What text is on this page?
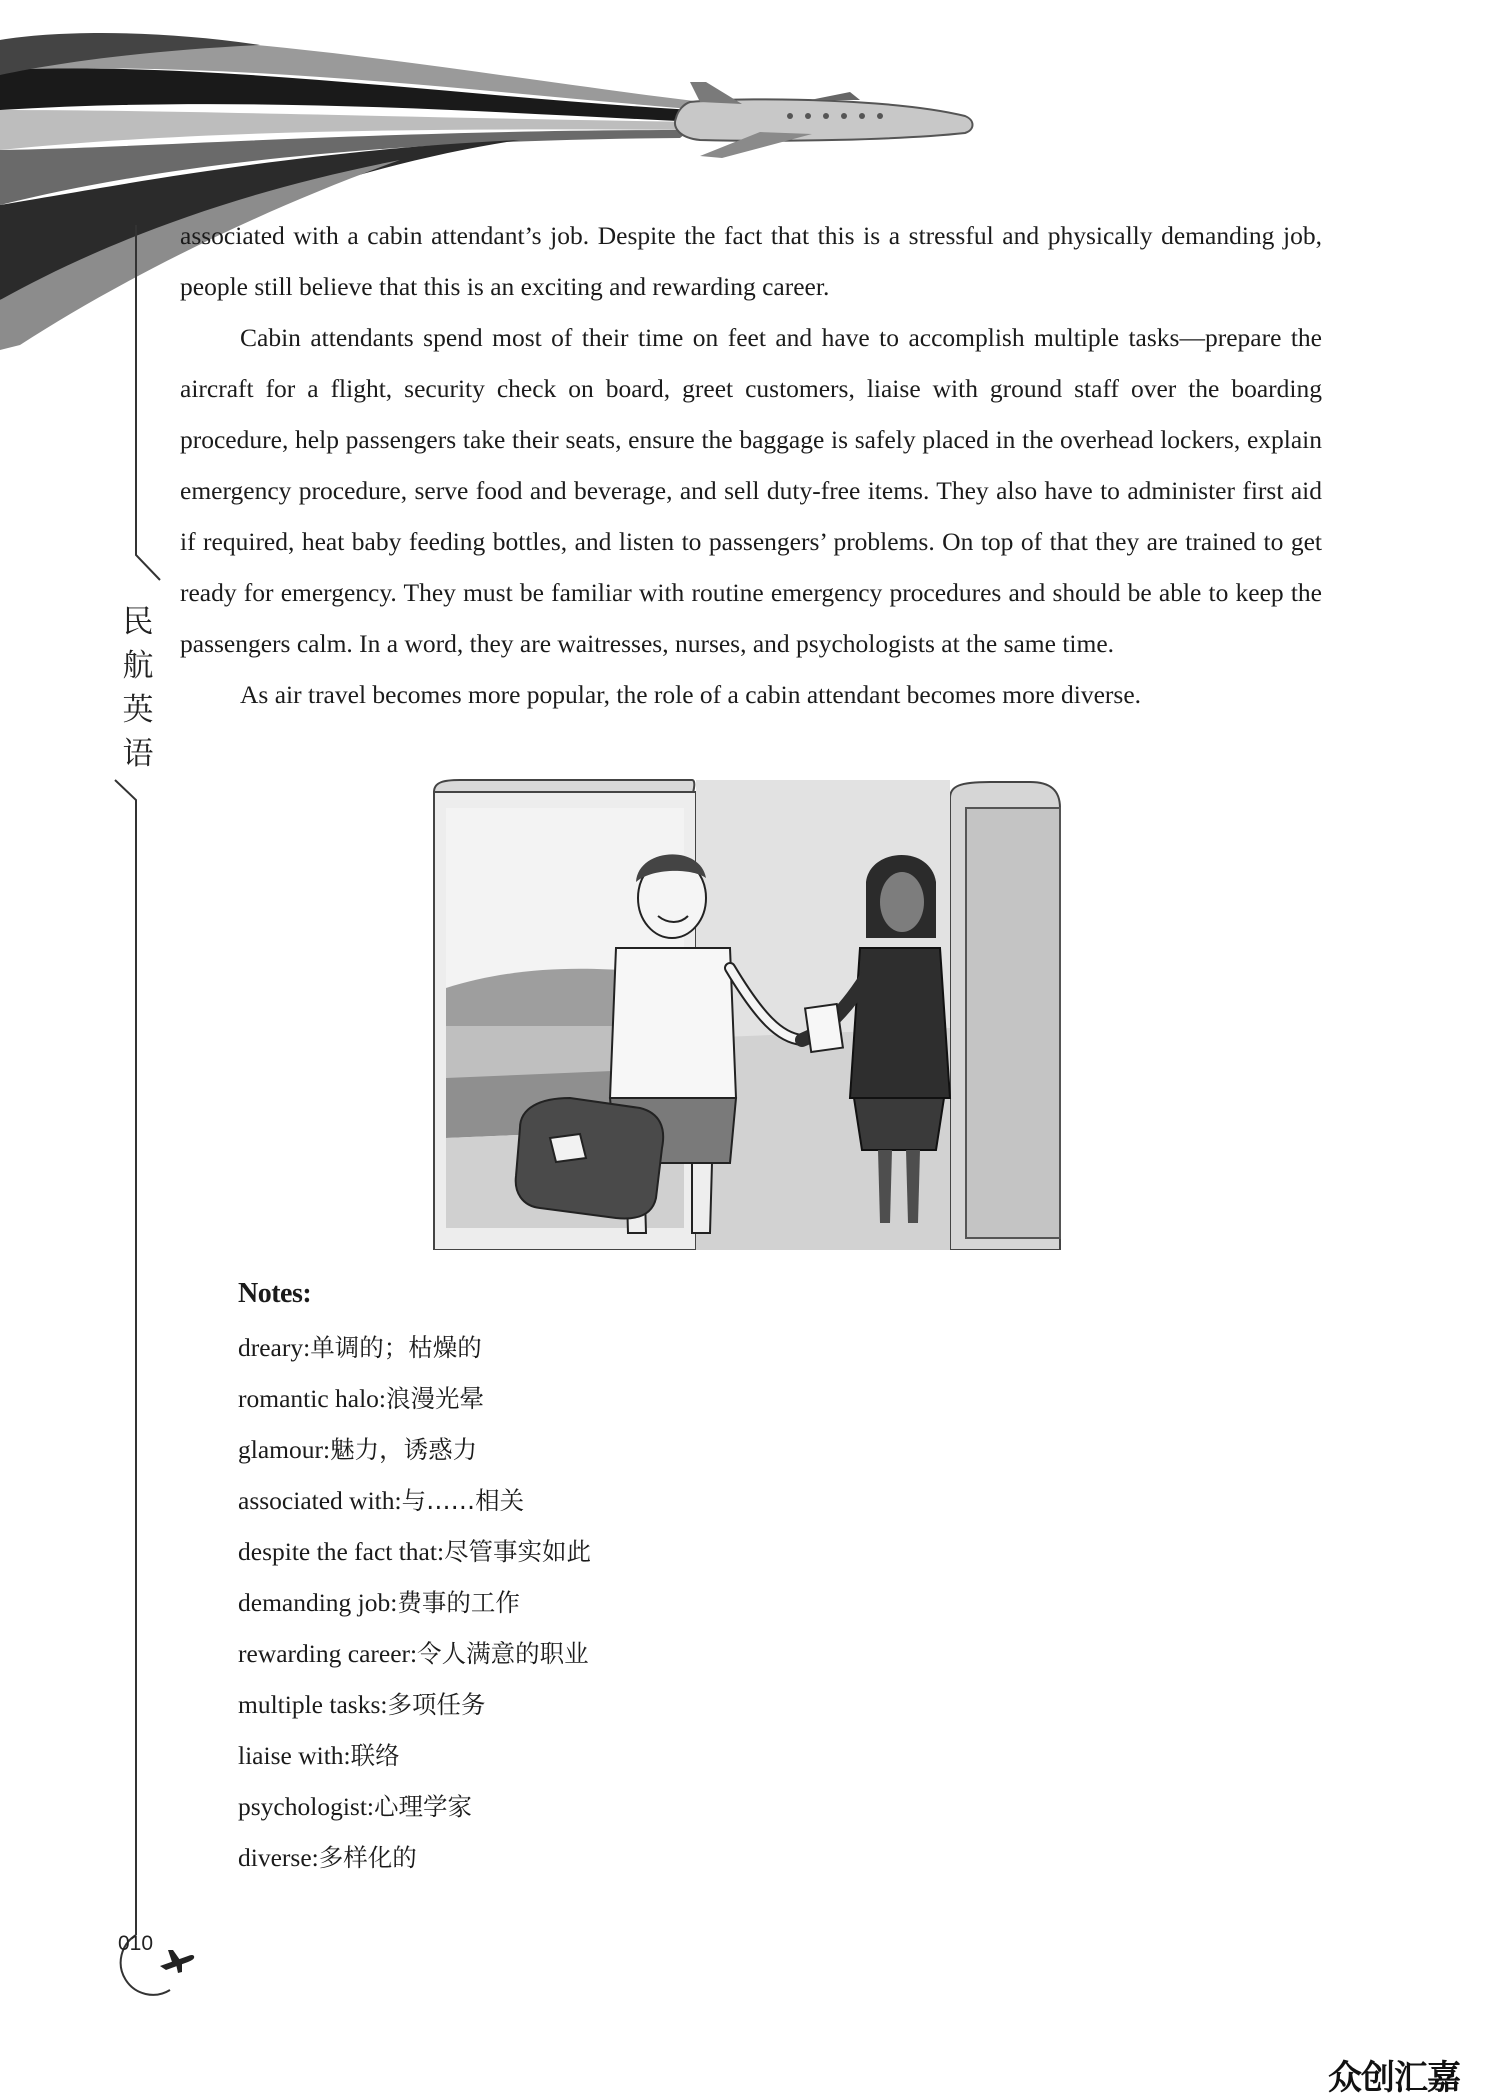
民
航
英
语

associated with a cabin attendant’s job. Despite the fact that this is a stressful and physically demanding job, people still believe that this is an exciting and rewarding career.

Cabin attendants spend most of their time on feet and have to accomplish multiple tasks—prepare the aircraft for a flight, security check on board, greet customers, liaise with ground staff over the boarding procedure, help passengers take their seats, ensure the baggage is safely placed in the overhead lockers, explain emergency procedure, serve food and beverage, and sell duty-free items. They also have to administer first aid if required, heat baby feeding bottles, and listen to passengers’ problems. On top of that they are trained to get ready for emergency. They must be familiar with routine emergency procedures and should be able to keep the passengers calm. In a word, they are waitresses, nurses, and psychologists at the same time.

As air travel becomes more popular, the role of a cabin attendant becomes more diverse.

Notes:
dreary:单调的；枯燥的
romantic halo:浪漫光晕
glamour:魅力，诱惑力
associated with:与……相关
despite the fact that:尽管事实如此
demanding job:费事的工作
rewarding career:令人满意的职业
multiple tasks:多项任务
liaise with:联络
psychologist:心理学家
diverse:多样化的
010
众创汇嘉
